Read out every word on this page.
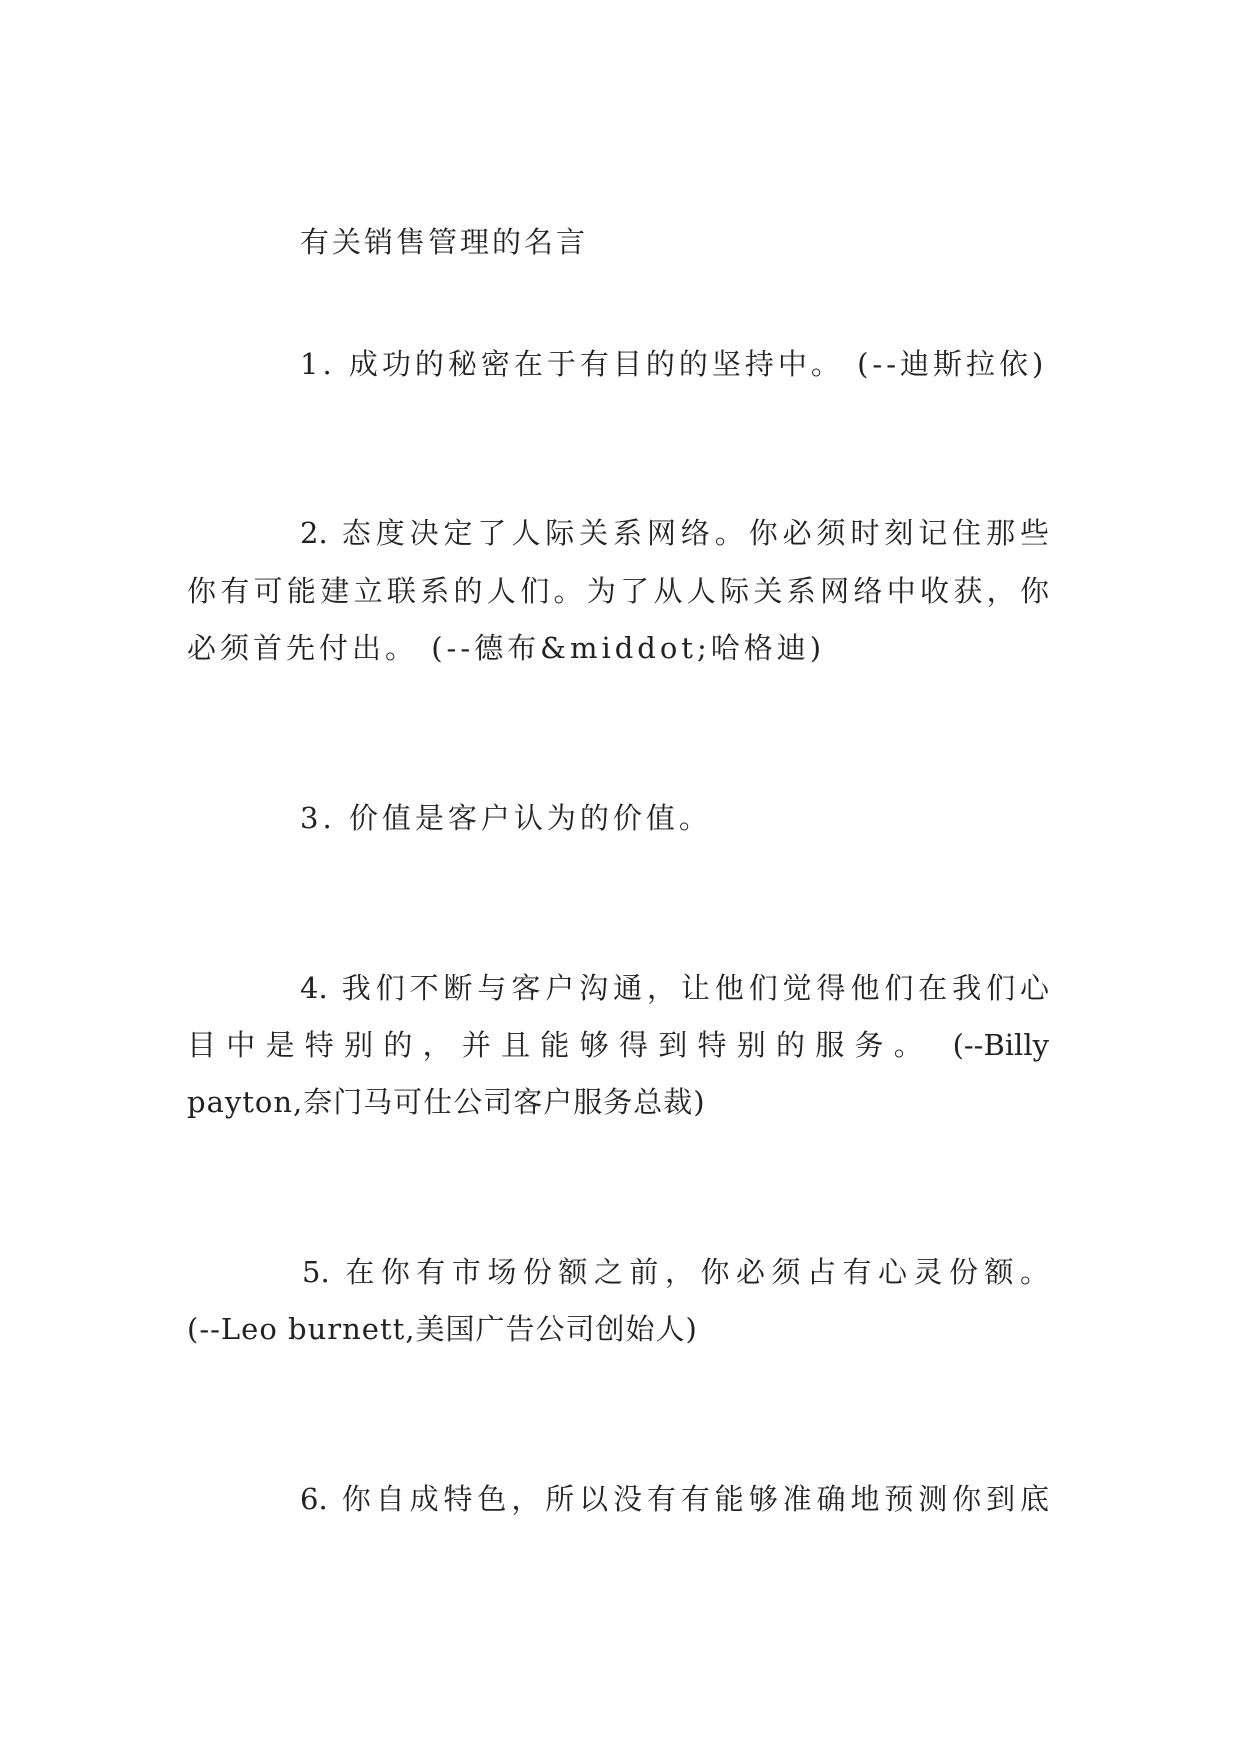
有关销售管理的名言
1. 成功的秘密在于有目的的坚持中。 (--迪斯拉依)
2. 态度决定了人际关系网络。你必须时刻记住那些
你有可能建立联系的人们。为了从人际关系网络中收获，你
必须首先付出。 (--德布&middot;哈格迪)
3. 价值是客户认为的价值。
4. 我们不断与客户沟通，让他们觉得他们在我们心
目中是特别的，并且能够得到特别的服务。 (--Billy
payton,奈门马可仕公司客户服务总裁)
5. 在你有市场份额之前，你必须占有心灵份额。
(--Leo burnett,美国广告公司创始人)
6. 你自成特色，所以没有有能够准确地预测你到底
